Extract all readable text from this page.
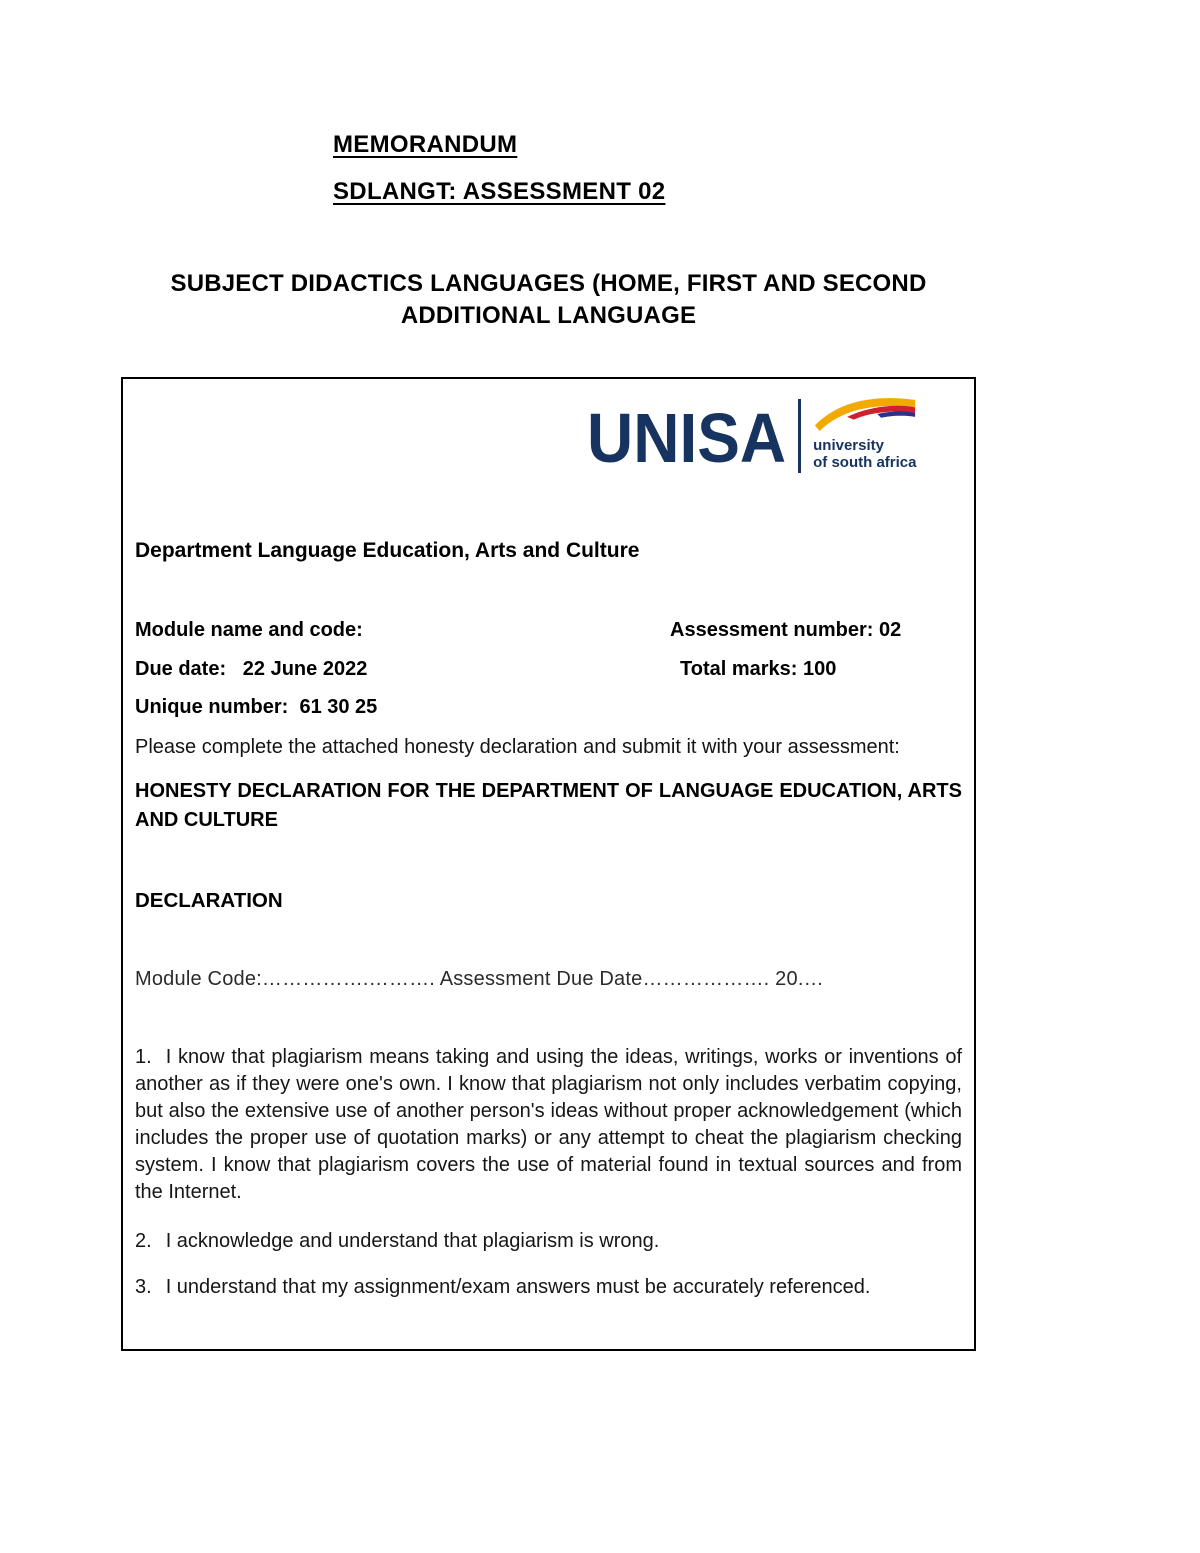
MEMORANDUM
SDLANGT: ASSESSMENT 02
SUBJECT DIDACTICS LANGUAGES (HOME, FIRST AND SECOND ADDITIONAL LANGUAGE
UNISA university
of south africa
Department Language Education, Arts and Culture
Module name and code:	Assessment number: 02
Due date:   22 June 2022	Total marks: 100
Unique number:  61 30 25
Please complete the attached honesty declaration and submit it with your assessment:
HONESTY DECLARATION FOR THE DEPARTMENT OF LANGUAGE EDUCATION, ARTS AND CULTURE
DECLARATION
Module Code:…………….………. Assessment Due Date………………. 20.…

1. I know that plagiarism means taking and using the ideas, writings, works or inventions of another as if they were one's own. I know that plagiarism not only includes verbatim copying, but also the extensive use of another person's ideas without proper acknowledgement (which includes the proper use of quotation marks) or any attempt to cheat the plagiarism checking system. I know that plagiarism covers the use of material found in textual sources and from the Internet.

2. I acknowledge and understand that plagiarism is wrong.

3. I understand that my assignment/exam answers must be accurately referenced.
